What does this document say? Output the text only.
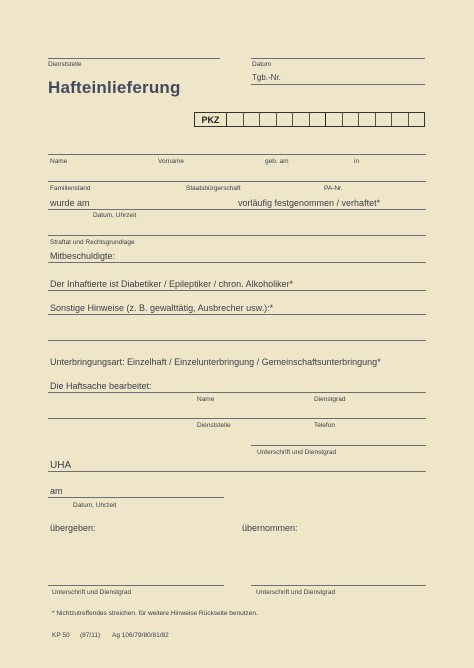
Dienststelle	Datum
Tgb.-Nr.
Hafteinlieferung
PKZ
Name	Vorname	geb. am	in
Familienstand	Staatsbürgerschaft	PA-Nr.
wurde am	vorläufig festgenommen / verhaftet*
Datum, Uhrzeit
Straftat und Rechtsgrundlage
Mitbeschuldigte:
Der Inhaftierte ist Diabetiker / Epileptiker / chron. Alkoholiker*
Sonstige Hinweise (z. B. gewalttätig, Ausbrecher usw.):*
Unterbringungsart: Einzelhaft / Einzelunterbringung / Gemeinschaftsunterbringung*
Die Haftsache bearbeitet:
Name	Dienstgrad
Dienststelle	Telefon
Unterschrift und Dienstgrad
UHA
am
Datum, Uhrzeit
übergeben:	übernommen:
Unterschrift und Dienstgrad	Unterschrift und Dienstgrad
* Nichtzutreffendes streichen. für weitere Hinweise Rückseite benutzen.
KP 50 (87/11) Ag 106/79/80/81/82
